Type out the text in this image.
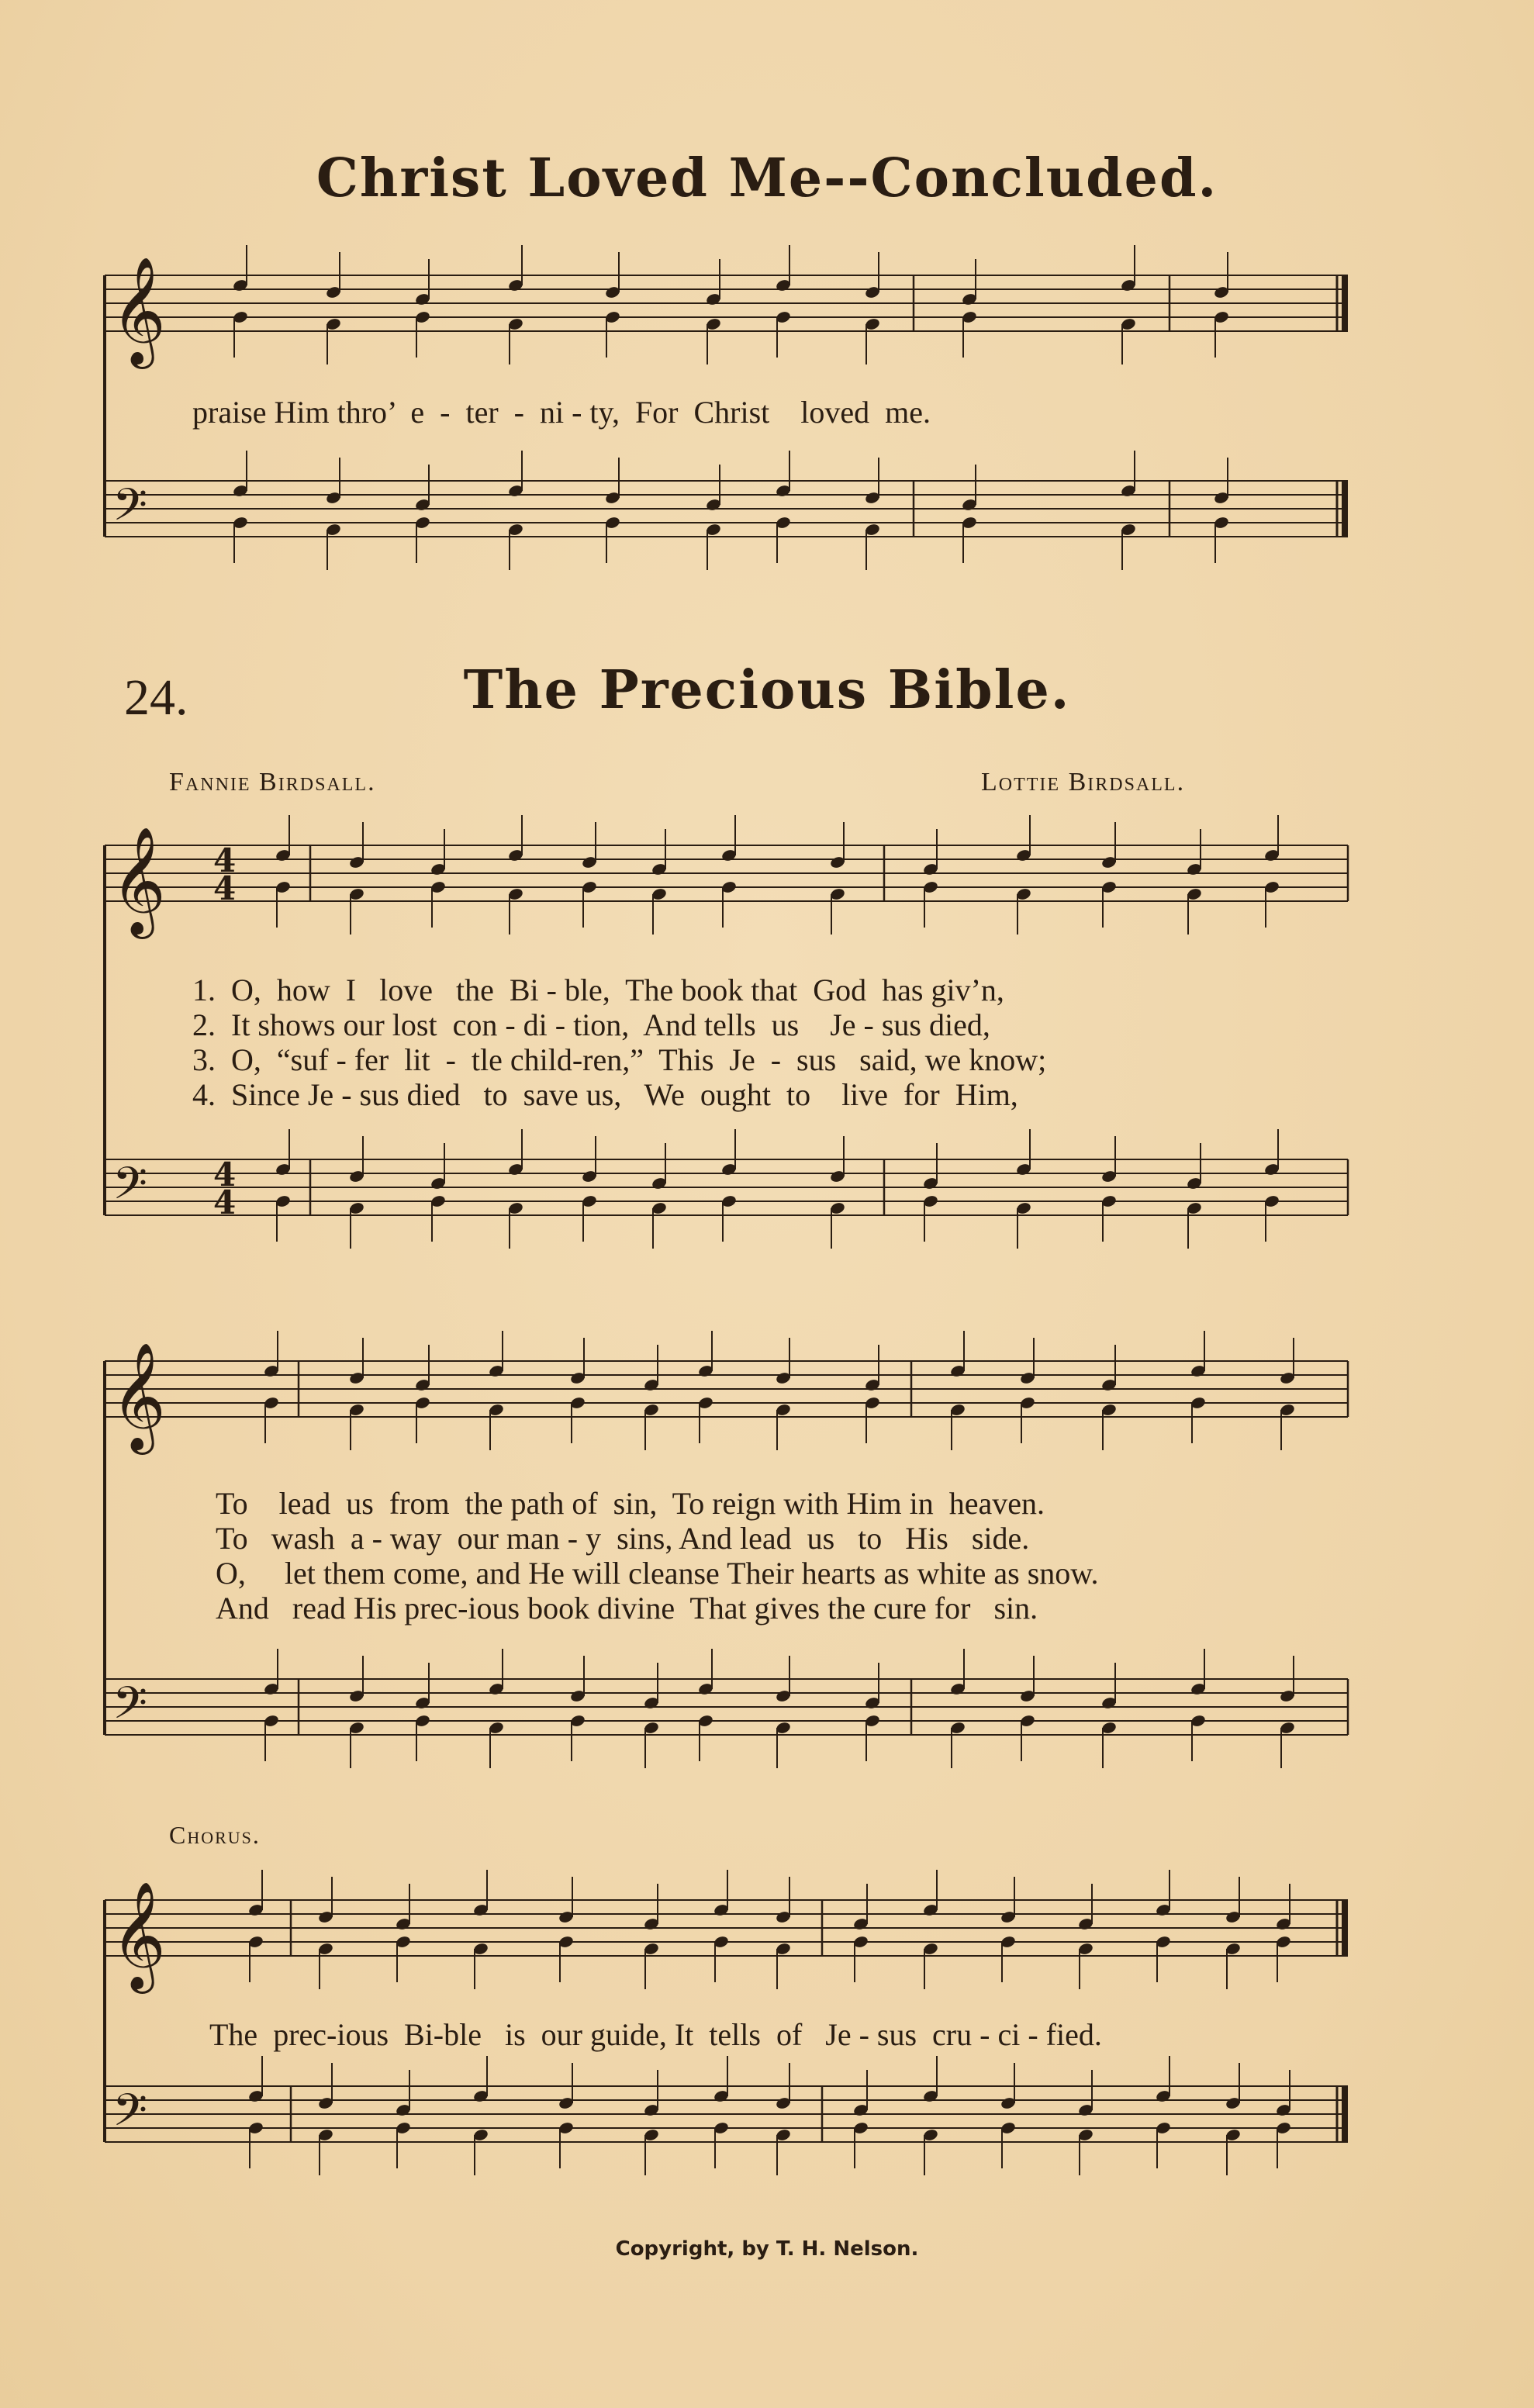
Christ Loved Me--Concluded.
praise Him thro’  e  -  ter  -  ni - ty,  For  Christ    loved  me.
24.	The Precious Bible.
Fannie Birdsall.	Lottie Birdsall.
1.  O,  how  I   love   the  Bi - ble,  The book that  God  has giv’n,
2.  It shows our lost  con - di - tion,  And tells  us    Je - sus died,
3.  O,  “suf - fer  lit  -  tle child-ren,”  This  Je  -  sus   said, we know;
4.  Since Je - sus died   to  save us,   We  ought  to    live  for  Him,
To    lead  us  from  the path of  sin,  To reign with Him in  heaven.
To   wash  a - way  our man - y  sins, And lead  us   to   His   side.
O,     let them come, and He will cleanse Their hearts as white as snow.
And   read His prec-ious book divine  That gives the cure for   sin.
Chorus.
The  prec-ious  Bi-ble   is  our guide, It  tells  of   Je - sus  cru - ci - fied.
Copyright, by T. H. Nelson.
𝄞
𝄢
𝄞
𝄢
𝄞
𝄢
𝄞
𝄢
4
4
4
4
